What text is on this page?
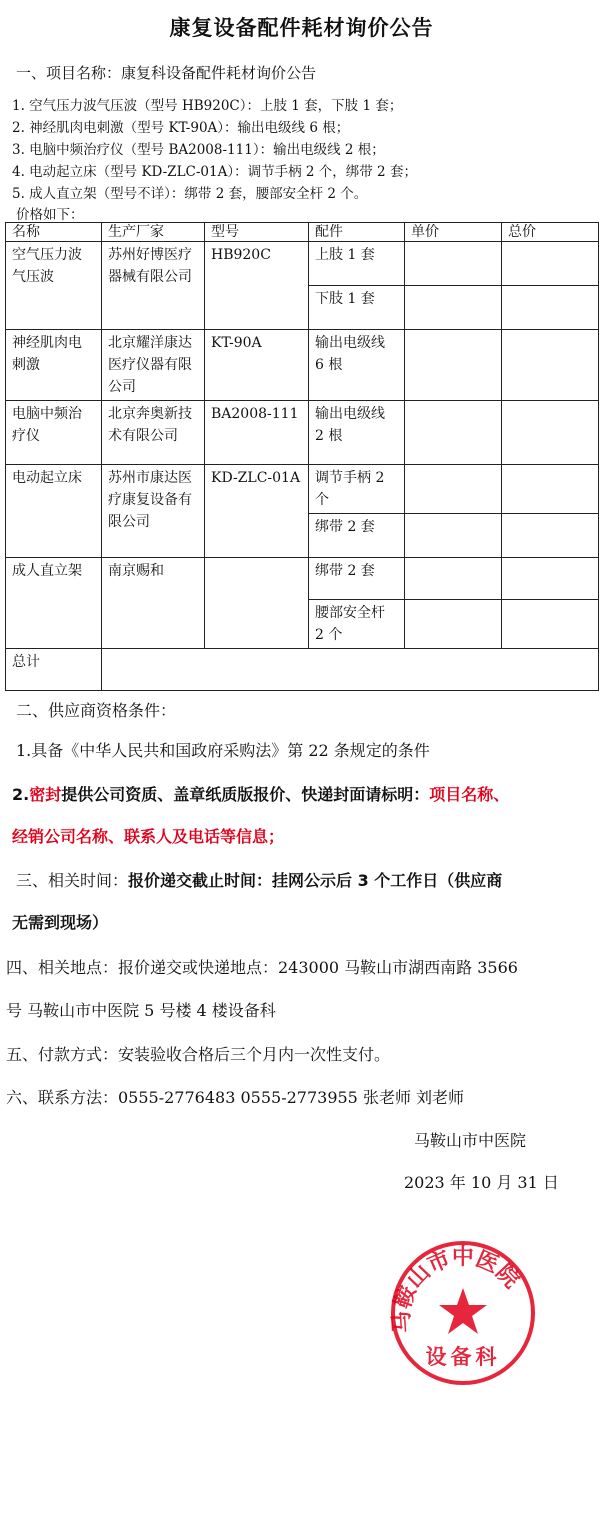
康复设备配件耗材询价公告
一、项目名称：康复科设备配件耗材询价公告
1. 空气压力波气压波（型号 HB920C）：上肢 1 套，下肢 1 套；
2. 神经肌肉电刺激（型号 KT-90A）：输出电级线 6 根；
3. 电脑中频治疗仪（型号 BA2008-111）：输出电级线 2 根；
4. 电动起立床（型号 KD-ZLC-01A）：调节手柄 2 个，绑带 2 套；
5. 成人直立架（型号不详）：绑带 2 套，腰部安全杆 2 个。
价格如下：
名称	生产厂家	型号	配件	单价	总价
空气压力波气压波	苏州好博医疗器械有限公司	HB920C	上肢 1 套		
			下肢 1 套		
神经肌肉电刺激	北京耀洋康达医疗仪器有限公司	KT-90A	输出电级线 6 根		
电脑中频治疗仪	北京奔奥新技术有限公司	BA2008-111	输出电级线 2 根		
电动起立床	苏州市康达医疗康复设备有限公司	KD-ZLC-01A	调节手柄 2 个		
			绑带 2 套		
成人直立架	南京赐和		绑带 2 套		
			腰部安全杆 2 个		
总计					
二、供应商资格条件：
1.具备《中华人民共和国政府采购法》第 22 条规定的条件
2.密封提供公司资质、盖章纸质版报价、快递封面请标明：项目名称、
经销公司名称、联系人及电话等信息；
三、相关时间：报价递交截止时间：挂网公示后 3 个工作日（供应商
无需到现场）
四、相关地点：报价递交或快递地点：243000 马鞍山市湖西南路 3566
号 马鞍山市中医院 5 号楼 4 楼设备科
五、付款方式：安装验收合格后三个月内一次性支付。
六、联系方法：0555-2776483 0555-2773955 张老师 刘老师
马鞍山市中医院
2023 年 10 月 31 日
马鞍山市中医院
设备科
